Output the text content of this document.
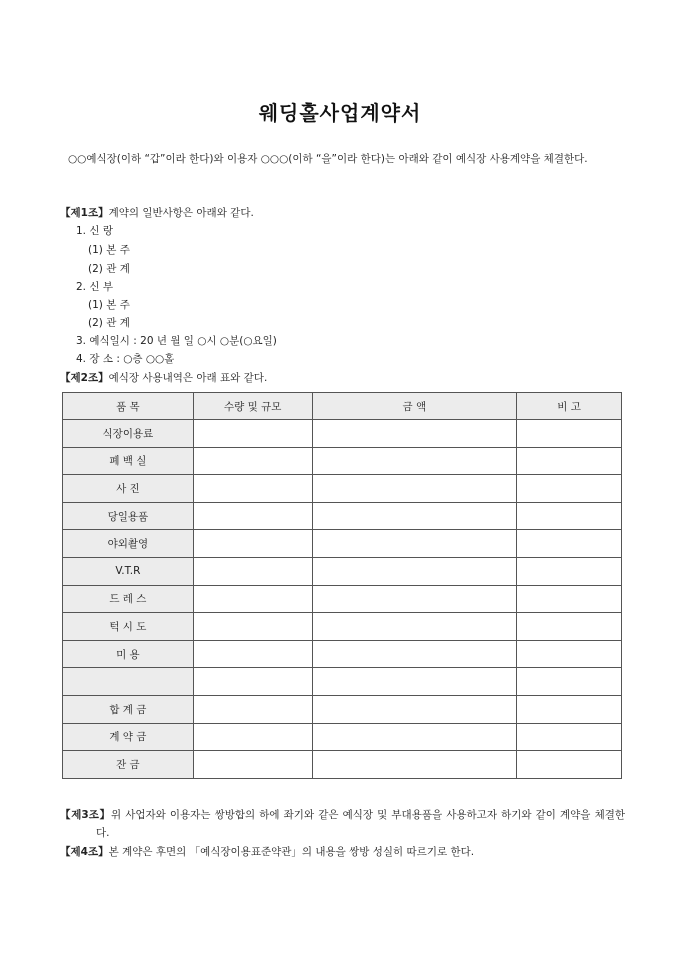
웨딩홀사업계약서
○○예식장(이하 “갑”이라 한다)와 이용자 ○○○(이하 “을”이라 한다)는 아래와 같이 예식장 사용계약을 체결한다.
【제1조】계약의 일반사항은 아래와 같다.
1. 신 랑
(1) 본 주
(2) 관 계
2. 신 부
(1) 본 주
(2) 관 계
3. 예식일시 : 20 년 월 일 ○시 ○분(○요일)
4. 장 소 : ○층 ○○홀
【제2조】예식장 사용내역은 아래 표와 같다.
품 목	수량 및 규모	금 액	비 고
식장이용료			
폐 백 실			
사 진			
당일용품			
야외촬영			
V.T.R			
드 레 스			
턱 시 도			
미 용			

합 계 금			
계 약 금			
잔 금			
【제3조】위 사업자와 이용자는 쌍방합의 하에 좌기와 같은 예식장 및 부대용품을 사용하고자 하기와 같이 계약을 체결한다.
【제4조】본 계약은 후면의 「예식장이용표준약관」의 내용을 쌍방 성실히 따르기로 한다.
